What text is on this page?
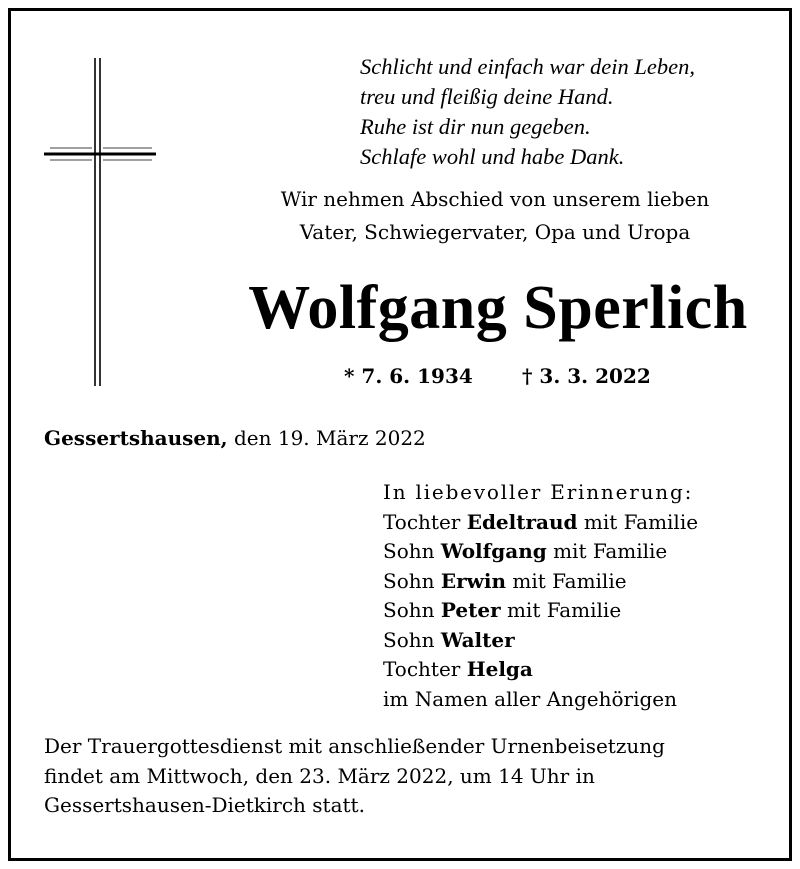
Schlicht und einfach war dein Leben,
treu und fleißig deine Hand.
Ruhe ist dir nun gegeben.
Schlafe wohl und habe Dank.
Wir nehmen Abschied von unserem lieben
Vater, Schwiegervater, Opa und Uropa
Wolfgang Sperlich
* 7. 6. 1934 † 3. 3. 2022
Gessertshausen, den 19. März 2022
In liebevoller Erinnerung:
Tochter Edeltraud mit Familie
Sohn Wolfgang mit Familie
Sohn Erwin mit Familie
Sohn Peter mit Familie
Sohn Walter
Tochter Helga
im Namen aller Angehörigen
Der Trauergottesdienst mit anschließender Urnenbeisetzung
findet am Mittwoch, den 23. März 2022, um 14 Uhr in
Gessertshausen-Dietkirch statt.
